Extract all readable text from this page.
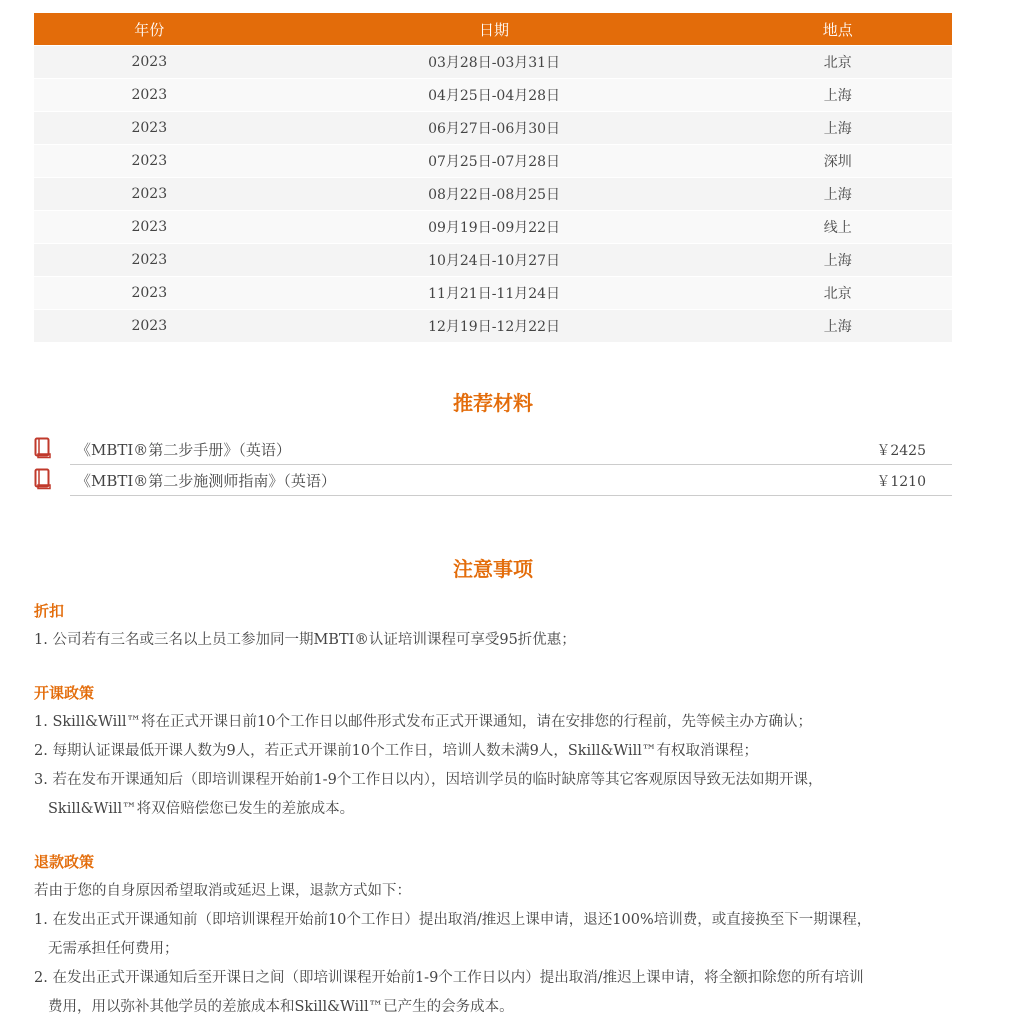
年份	日期	地点
2023	03月28日-03月31日	北京
2023	04月25日-04月28日	上海
2023	06月27日-06月30日	上海
2023	07月25日-07月28日	深圳
2023	08月22日-08月25日	上海
2023	09月19日-09月22日	线上
2023	10月24日-10月27日	上海
2023	11月21日-11月24日	北京
2023	12月19日-12月22日	上海
推荐材料
《MBTI®第二步手册》（英语）	￥2425
《MBTI®第二步施测师指南》（英语）	￥1210
注意事项
折扣
1. 公司若有三名或三名以上员工参加同一期MBTI®认证培训课程可享受95折优惠；
开课政策
1. Skill&Will™将在正式开课日前10个工作日以邮件形式发布正式开课通知，请在安排您的行程前，先等候主办方确认；
2. 每期认证课最低开课人数为9人，若正式开课前10个工作日，培训人数未满9人，Skill&Will™有权取消课程；
3. 若在发布开课通知后（即培训课程开始前1-9个工作日以内），因培训学员的临时缺席等其它客观原因导致无法如期开课，
Skill&Will™将双倍赔偿您已发生的差旅成本。
退款政策
若由于您的自身原因希望取消或延迟上课，退款方式如下：
1. 在发出正式开课通知前（即培训课程开始前10个工作日）提出取消/推迟上课申请，退还100%培训费，或直接换至下一期课程，
无需承担任何费用；
2. 在发出正式开课通知后至开课日之间（即培训课程开始前1-9个工作日以内）提出取消/推迟上课申请，将全额扣除您的所有培训
费用，用以弥补其他学员的差旅成本和Skill&Will™已产生的会务成本。
